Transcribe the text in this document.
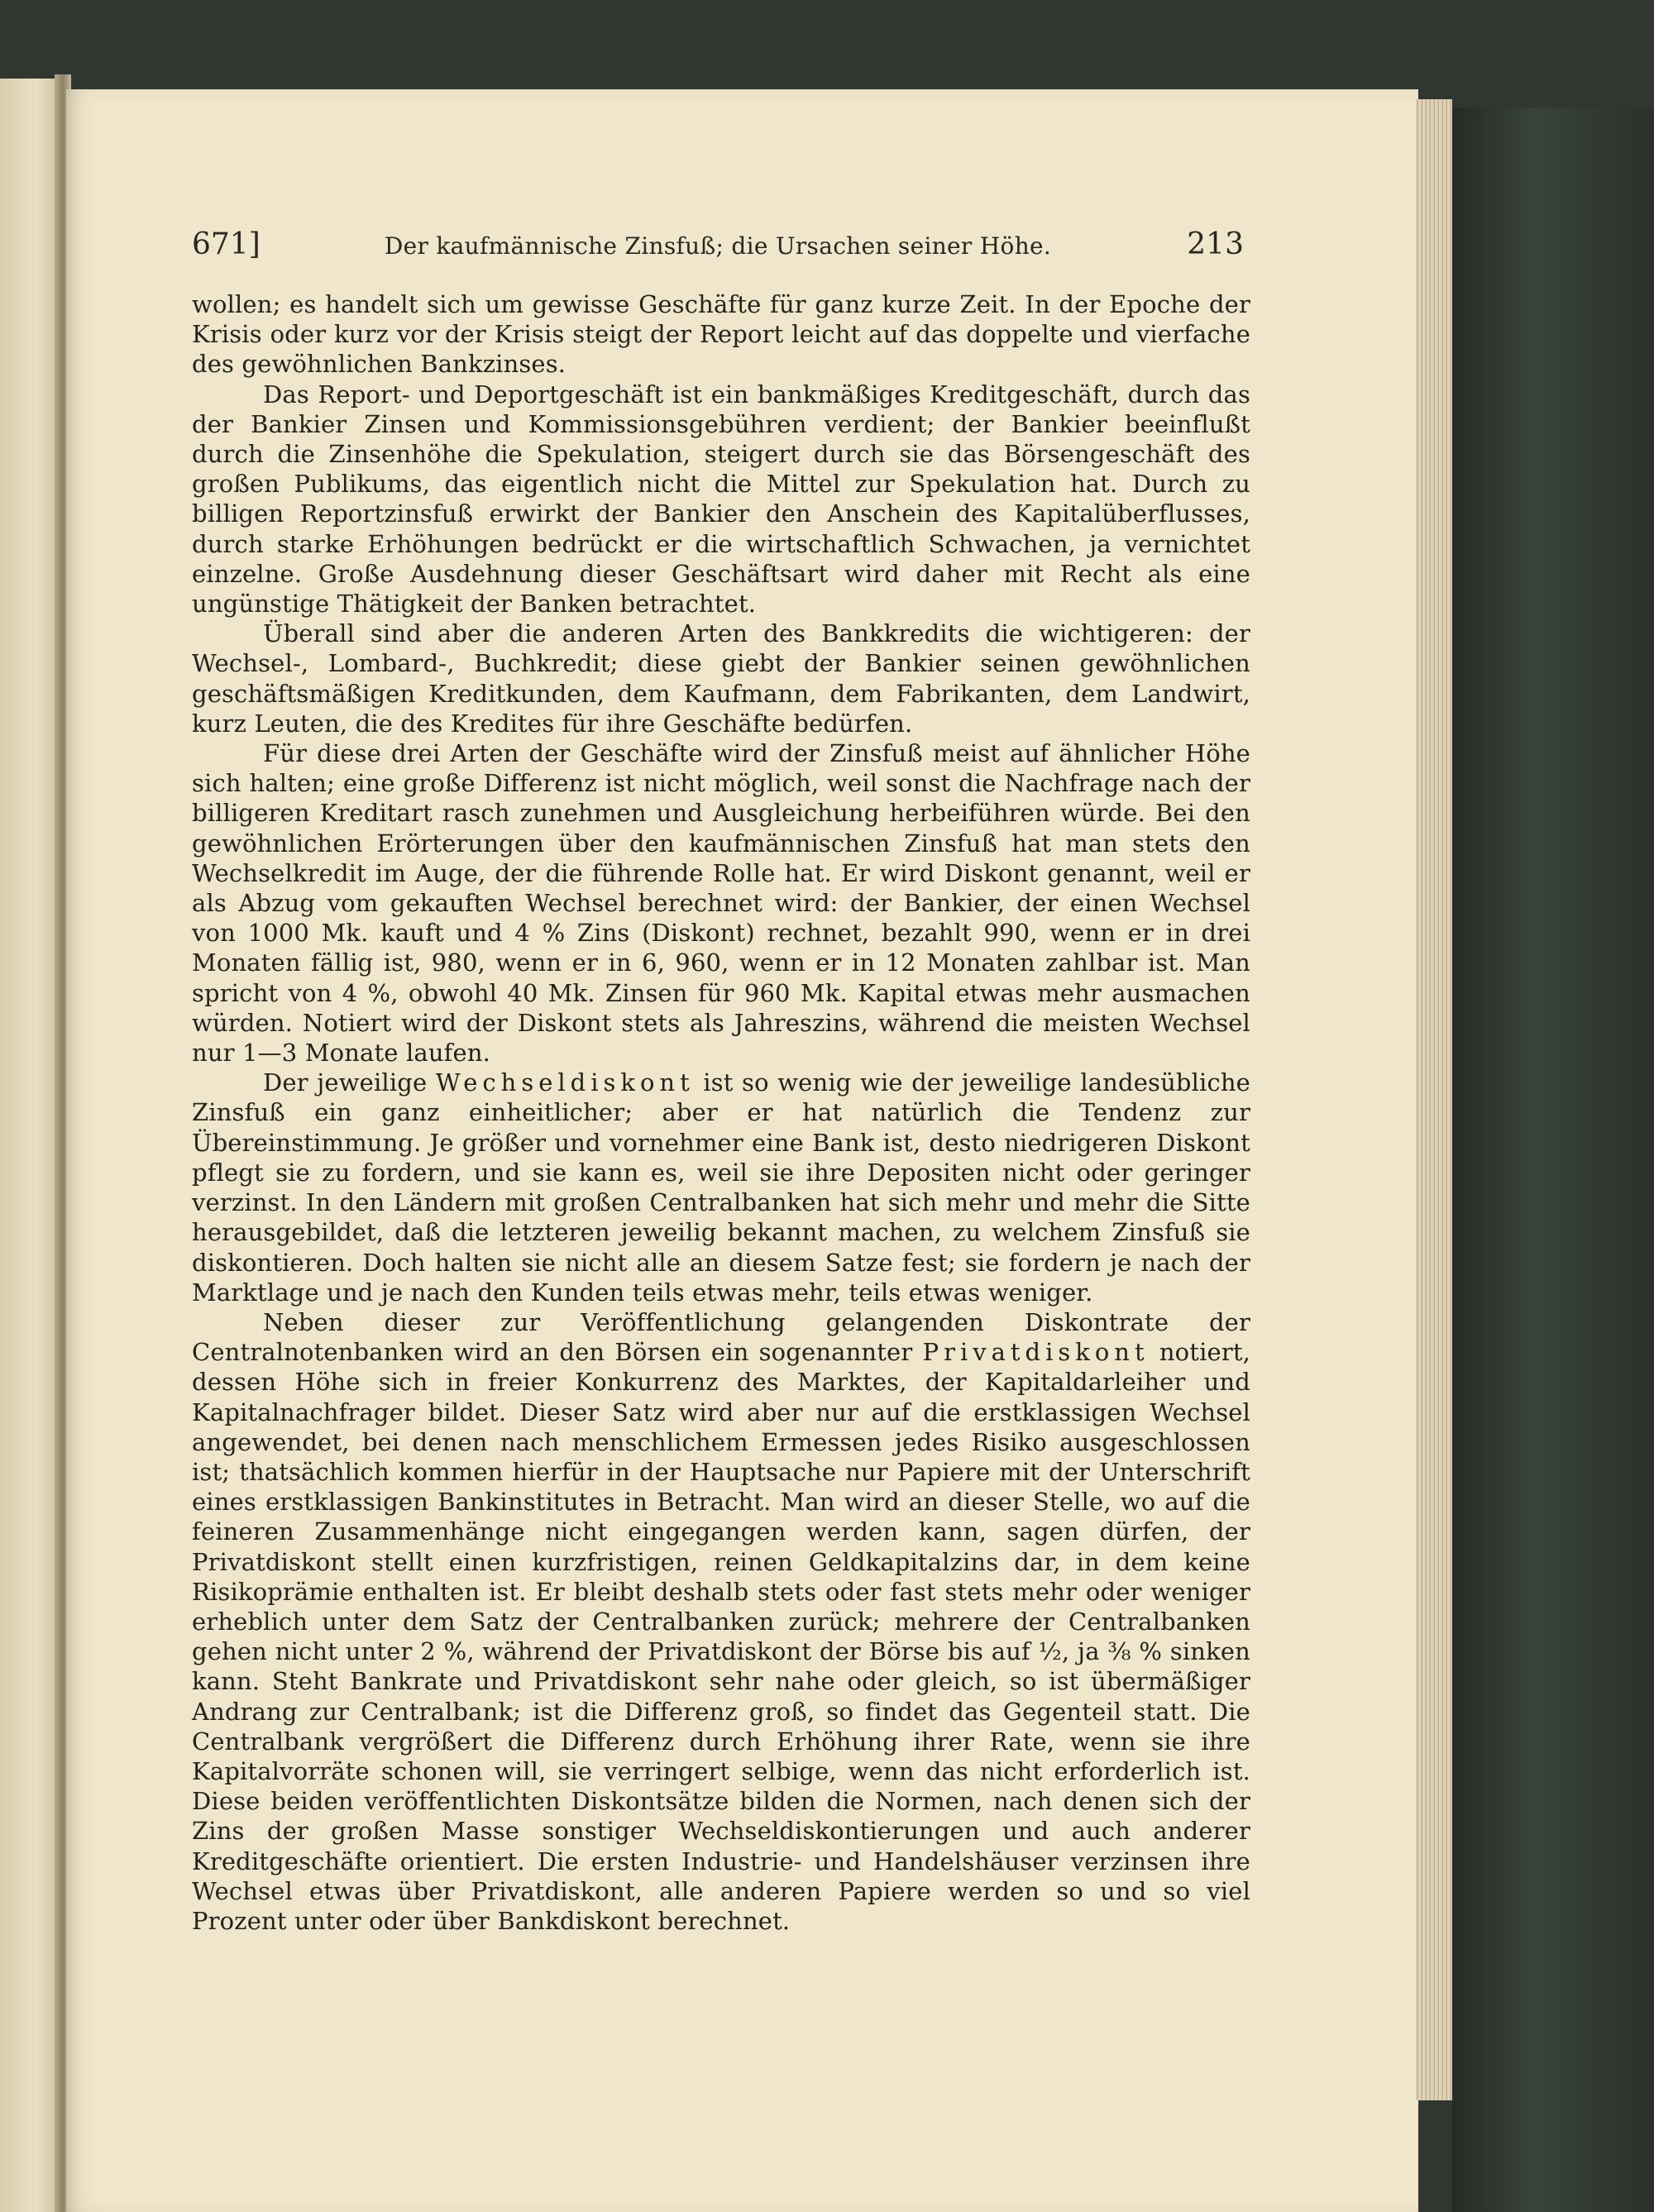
671]	Der kaufmännische Zinsfuß; die Ursachen seiner Höhe.	213

wollen; es handelt sich um gewisse Geschäfte für ganz kurze Zeit. In der Epoche der Krisis oder kurz vor der Krisis steigt der Report leicht auf das doppelte und vierfache des gewöhnlichen Bankzinses.

Das Report- und Deportgeschäft ist ein bankmäßiges Kreditgeschäft, durch das der Bankier Zinsen und Kommissionsgebühren verdient; der Bankier beeinflußt durch die Zinsenhöhe die Spekulation, steigert durch sie das Börsengeschäft des großen Publikums, das eigentlich nicht die Mittel zur Spekulation hat. Durch zu billigen Reportzinsfuß erwirkt der Bankier den Anschein des Kapitalüberflusses, durch starke Erhöhungen bedrückt er die wirtschaftlich Schwachen, ja vernichtet einzelne. Große Ausdehnung dieser Geschäftsart wird daher mit Recht als eine ungünstige Thätigkeit der Banken betrachtet.

Überall sind aber die anderen Arten des Bankkredits die wichtigeren: der Wechsel-, Lombard-, Buchkredit; diese giebt der Bankier seinen gewöhnlichen geschäftsmäßigen Kreditkunden, dem Kaufmann, dem Fabrikanten, dem Landwirt, kurz Leuten, die des Kredites für ihre Geschäfte bedürfen.

Für diese drei Arten der Geschäfte wird der Zinsfuß meist auf ähnlicher Höhe sich halten; eine große Differenz ist nicht möglich, weil sonst die Nachfrage nach der billigeren Kreditart rasch zunehmen und Ausgleichung herbeiführen würde. Bei den gewöhnlichen Erörterungen über den kaufmännischen Zinsfuß hat man stets den Wechselkredit im Auge, der die führende Rolle hat. Er wird Diskont genannt, weil er als Abzug vom gekauften Wechsel berechnet wird: der Bankier, der einen Wechsel von 1000 Mk. kauft und 4 % Zins (Diskont) rechnet, bezahlt 990, wenn er in drei Monaten fällig ist, 980, wenn er in 6, 960, wenn er in 12 Monaten zahlbar ist. Man spricht von 4 %, obwohl 40 Mk. Zinsen für 960 Mk. Kapital etwas mehr ausmachen würden. Notiert wird der Diskont stets als Jahreszins, während die meisten Wechsel nur 1—3 Monate laufen.

Der jeweilige Wechseldiskont ist so wenig wie der jeweilige landesübliche Zinsfuß ein ganz einheitlicher; aber er hat natürlich die Tendenz zur Übereinstimmung. Je größer und vornehmer eine Bank ist, desto niedrigeren Diskont pflegt sie zu fordern, und sie kann es, weil sie ihre Depositen nicht oder geringer verzinst. In den Ländern mit großen Centralbanken hat sich mehr und mehr die Sitte herausgebildet, daß die letzteren jeweilig bekannt machen, zu welchem Zinsfuß sie diskontieren. Doch halten sie nicht alle an diesem Satze fest; sie fordern je nach der Marktlage und je nach den Kunden teils etwas mehr, teils etwas weniger.

Neben dieser zur Veröffentlichung gelangenden Diskontrate der Centralnotenbanken wird an den Börsen ein sogenannter Privatdiskont notiert, dessen Höhe sich in freier Konkurrenz des Marktes, der Kapitaldarleiher und Kapitalnachfrager bildet. Dieser Satz wird aber nur auf die erstklassigen Wechsel angewendet, bei denen nach menschlichem Ermessen jedes Risiko ausgeschlossen ist; thatsächlich kommen hierfür in der Hauptsache nur Papiere mit der Unterschrift eines erstklassigen Bankinstitutes in Betracht. Man wird an dieser Stelle, wo auf die feineren Zusammenhänge nicht eingegangen werden kann, sagen dürfen, der Privatdiskont stellt einen kurzfristigen, reinen Geldkapitalzins dar, in dem keine Risikoprämie enthalten ist. Er bleibt deshalb stets oder fast stets mehr oder weniger erheblich unter dem Satz der Centralbanken zurück; mehrere der Centralbanken gehen nicht unter 2 %, während der Privatdiskont der Börse bis auf ½, ja ⅜ % sinken kann. Steht Bankrate und Privatdiskont sehr nahe oder gleich, so ist übermäßiger Andrang zur Centralbank; ist die Differenz groß, so findet das Gegenteil statt. Die Centralbank vergrößert die Differenz durch Erhöhung ihrer Rate, wenn sie ihre Kapitalvorräte schonen will, sie verringert selbige, wenn das nicht erforderlich ist. Diese beiden veröffentlichten Diskontsätze bilden die Normen, nach denen sich der Zins der großen Masse sonstiger Wechseldiskontierungen und auch anderer Kreditgeschäfte orientiert. Die ersten Industrie- und Handelshäuser verzinsen ihre Wechsel etwas über Privatdiskont, alle anderen Papiere werden so und so viel Prozent unter oder über Bankdiskont berechnet.
